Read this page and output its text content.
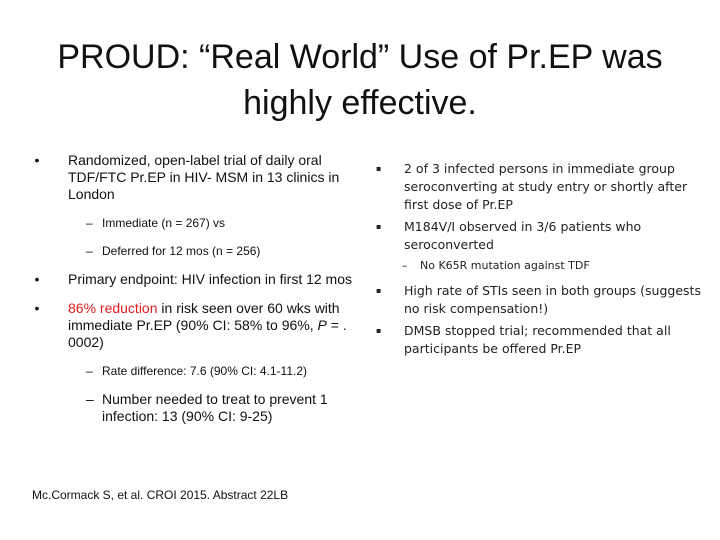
PROUD: “Real World” Use of Pr.EP was highly effective.
•	Randomized, open-label trial of daily oral TDF/FTC Pr.EP in HIV- MSM in 13 clinics in London
– Immediate (n = 267) vs
– Deferred for 12 mos (n = 256)
•	Primary endpoint: HIV infection in first 12 mos
•	86% reduction in risk seen over 60 wks with immediate Pr.EP (90% CI: 58% to 96%, P = . 0002)
– Rate difference: 7.6 (90% CI: 4.1-11.2)
– Number needed to treat to prevent 1 infection: 13 (90% CI: 9-25)
▪ 2 of 3 infected persons in immediate group seroconverting at study entry or shortly after first dose of Pr.EP
▪ M184V/I observed in 3/6 patients who seroconverted
– No K65R mutation against TDF
▪ High rate of STIs seen in both groups (suggests no risk compensation!)
▪ DMSB stopped trial; recommended that all participants be offered Pr.EP
Mc.Cormack S, et al. CROI 2015. Abstract 22LB
